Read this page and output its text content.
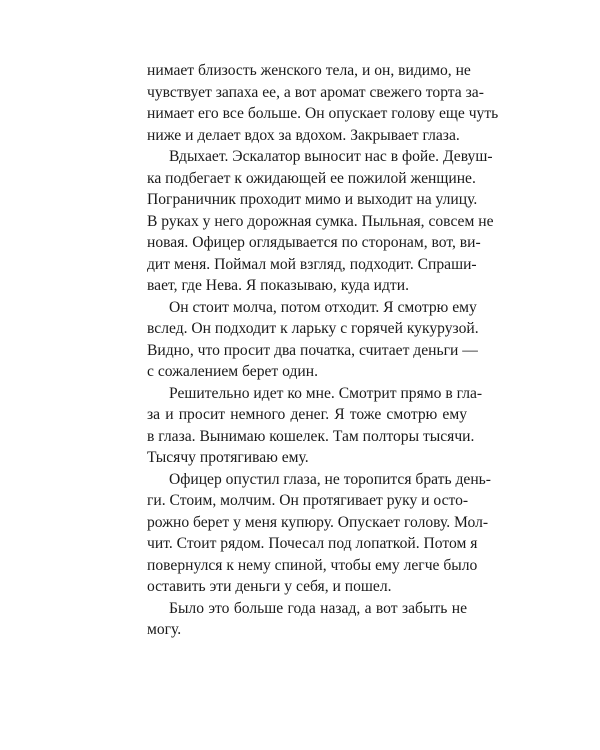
нимает близость женского тела, и он, видимо, не
чувствует запаха ее, а вот аромат свежего торта за-
нимает его все больше. Он опускает голову еще чуть
ниже и делает вдох за вдохом. Закрывает глаза.
Вдыхает. Эскалатор выносит нас в фойе. Девуш-
ка подбегает к ожидающей ее пожилой женщине.
Пограничник проходит мимо и выходит на улицу.
В руках у него дорожная сумка. Пыльная, совсем не
новая. Офицер оглядывается по сторонам, вот, ви-
дит меня. Поймал мой взгляд, подходит. Спраши-
вает, где Нева. Я показываю, куда идти.
Он стоит молча, потом отходит. Я смотрю ему
вслед. Он подходит к ларьку с горячей кукурузой.
Видно, что просит два початка, считает деньги —
с сожалением берет один.
Решительно идет ко мне. Смотрит прямо в гла-
за и просит немного денег. Я тоже смотрю ему
в глаза. Вынимаю кошелек. Там полторы тысячи.
Тысячу протягиваю ему.
Офицер опустил глаза, не торопится брать день-
ги. Стоим, молчим. Он протягивает руку и осто-
рожно берет у меня купюру. Опускает голову. Мол-
чит. Стоит рядом. Почесал под лопаткой. Потом я
повернулся к нему спиной, чтобы ему легче было
оставить эти деньги у себя, и пошел.
Было это больше года назад, а вот забыть не
могу.
